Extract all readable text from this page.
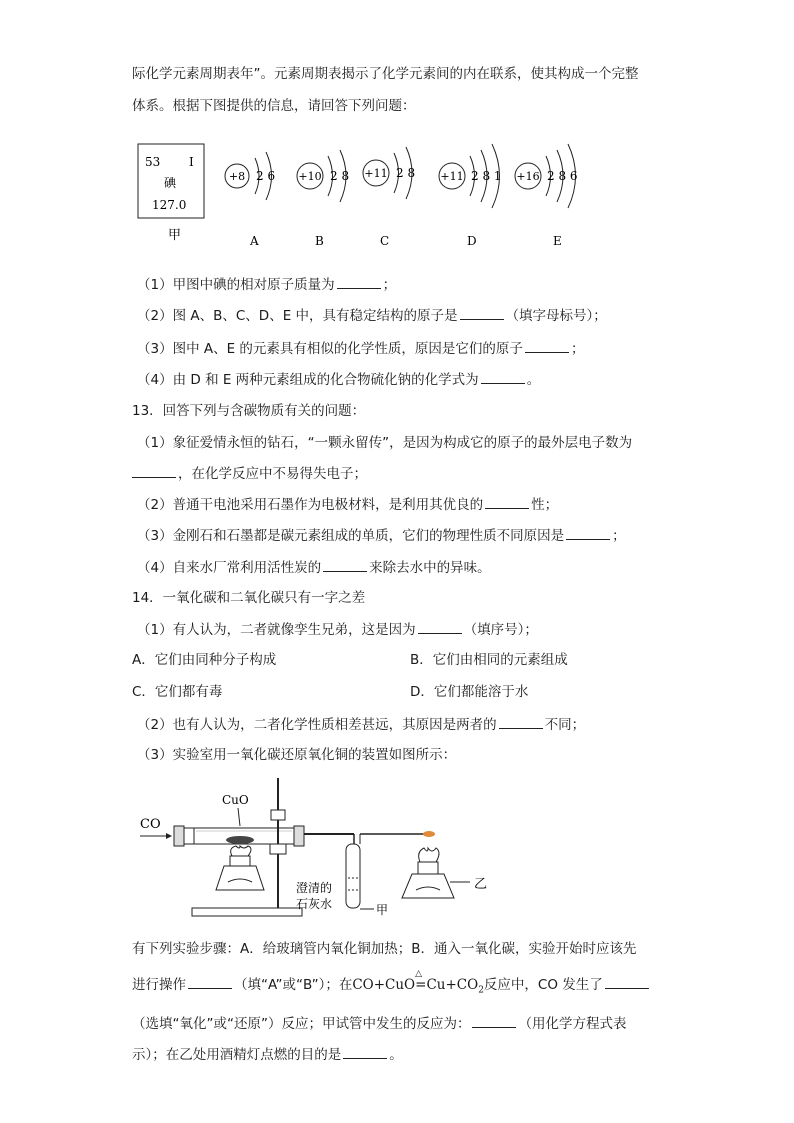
际化学元素周期表年”。元素周期表揭示了化学元素间的内在联系，使其构成一个完整
体系。根据下图提供的信息，请回答下列问题：
53 I
碘
127.0
甲
+8 2 6
A
+10 2 8
B
+11 2 8
C
+11 2 8 1
D
+16 2 8 6
E
（1）甲图中碘的相对原子质量为	；
（2）图 A、B、C、D、E 中，具有稳定结构的原子是	（填字母标号）；
（3）图中 A、E 的元素具有相似的化学性质，原因是它们的原子	；
（4）由 D 和 E 两种元素组成的化合物硫化钠的化学式为	。
13．回答下列与含碳物质有关的问题：
（1）象征爱情永恒的钻石，“一颗永留传”，是因为构成它的原子的最外层电子数为
，在化学反应中不易得失电子；
（2）普通干电池采用石墨作为电极材料，是利用其优良的	性；
（3）金刚石和石墨都是碳元素组成的单质，它们的物理性质不同原因是	；
（4）自来水厂常利用活性炭的	来除去水中的异味。
14．一氧化碳和二氧化碳只有一字之差
（1）有人认为，二者就像孪生兄弟，这是因为	（填序号）；
A．它们由同种分子构成	B．它们由相同的元素组成
C．它们都有毒	D．它们都能溶于水
（2）也有人认为，二者化学性质相差甚远，其原因是两者的	不同；
（3）实验室用一氧化碳还原氧化铜的装置如图所示：
CO
CuO
澄清的
石灰水	甲
乙
有下列实验步骤：A．给玻璃管内氧化铜加热；B．通入一氧化碳，实验开始时应该先
进行操作	（填“A”或“B”）；在CO+CuO
△
$=Cu+CO_2$反应中，CO 发生了
（选填“氧化”或“还原”）反应；甲试管中发生的反应为：	（用化学方程式表
示）；在乙处用酒精灯点燃的目的是	。
